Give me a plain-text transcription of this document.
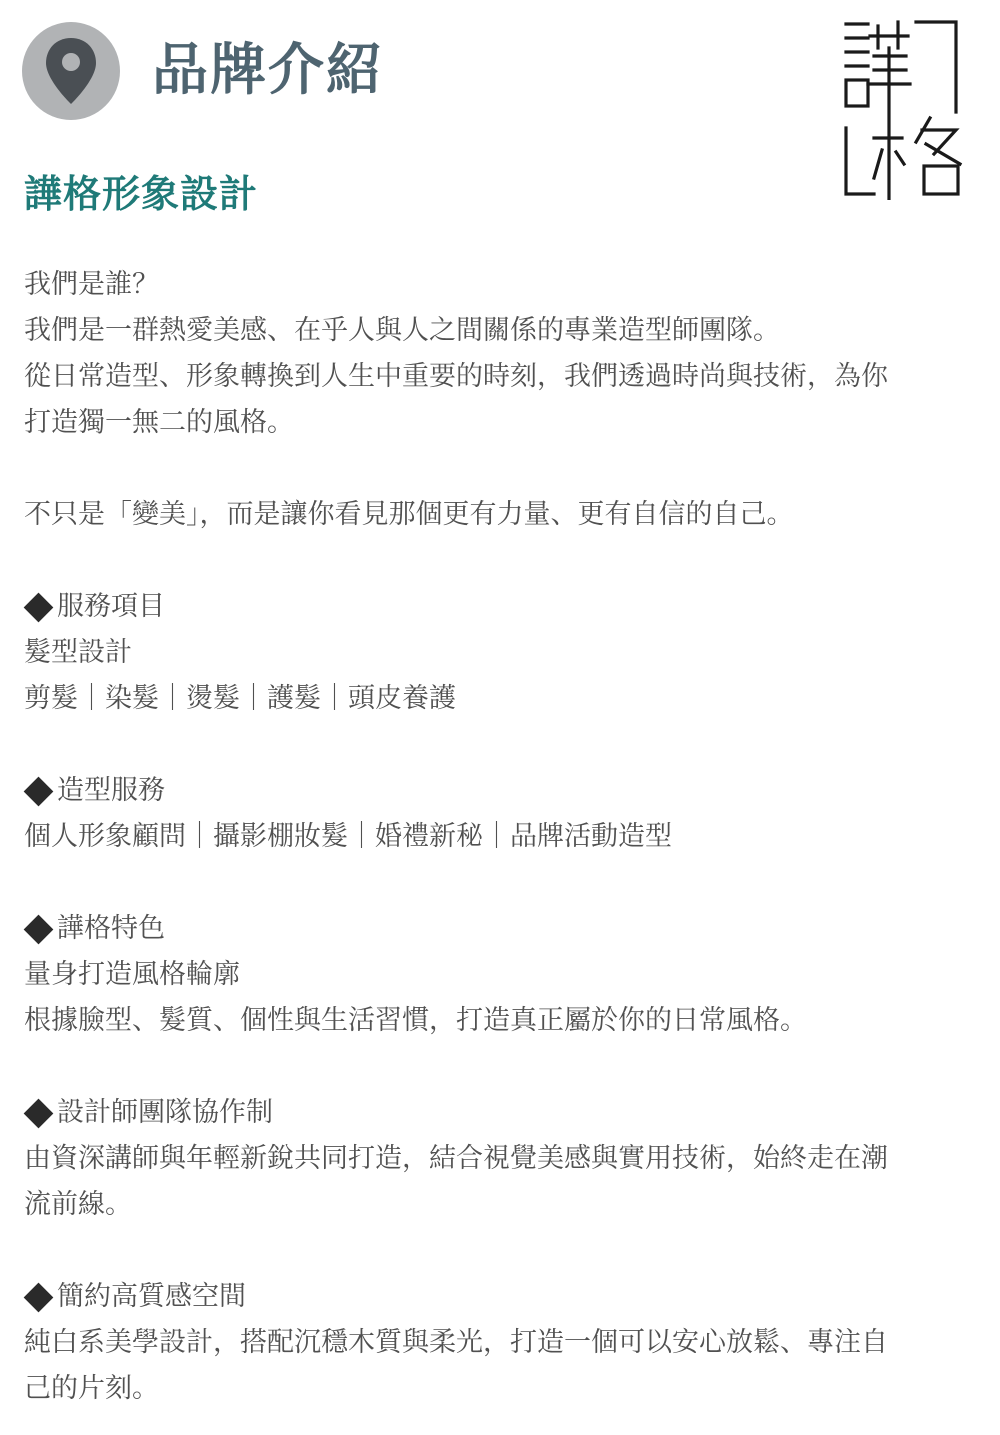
品牌介紹
譁格形象設計

我們是誰？

我們是一群熱愛美感、在乎人與人之間關係的專業造型師團隊。

從日常造型、形象轉換到人生中重要的時刻，我們透過時尚與技術，為你

打造獨一無二的風格。

不只是「變美」，而是讓你看見那個更有力量、更有自信的自己。

服務項目

髮型設計

剪髮｜染髮｜燙髮｜護髮｜頭皮養護

造型服務

個人形象顧問｜攝影棚妝髮｜婚禮新秘｜品牌活動造型

譁格特色

量身打造風格輪廓

根據臉型、髮質、個性與生活習慣，打造真正屬於你的日常風格。

設計師團隊協作制

由資深講師與年輕新銳共同打造，結合視覺美感與實用技術，始終走在潮

流前線。

簡約高質感空間

純白系美學設計，搭配沉穩木質與柔光，打造一個可以安心放鬆、專注自

己的片刻。
